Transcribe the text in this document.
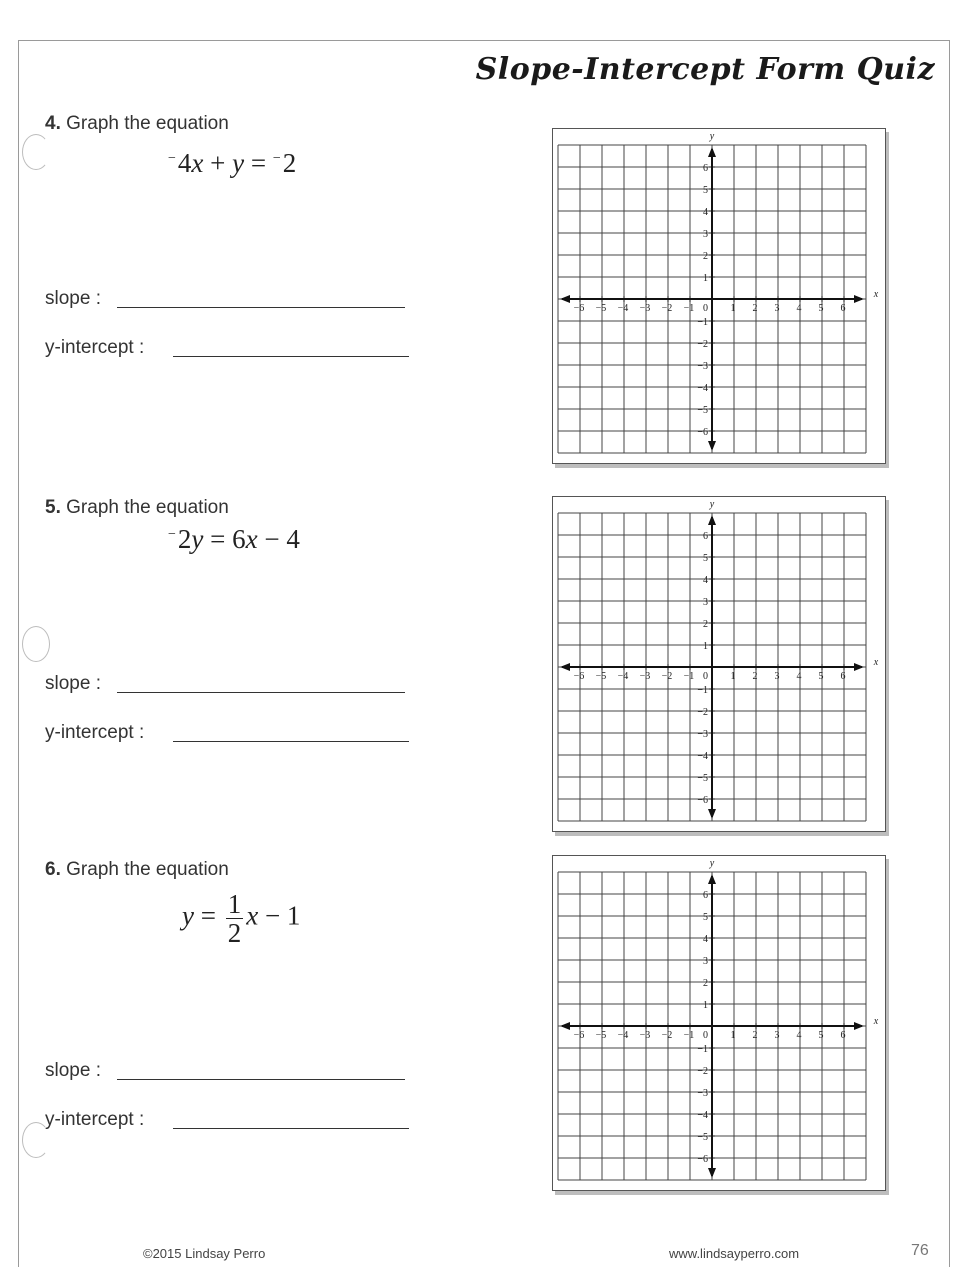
Slope-Intercept Form Quiz
4. Graph the equation
−4x + y = −2
slope :
y-intercept :
5. Graph the equation
−2y = 6x − 4
slope :
y-intercept :
6. Graph the equation
$y = \frac{1}{2}$ x − 1
slope :
y-intercept :
−6 −5 −4 −3 −2 −1	1 2 3 4 5 6
6
5
4
3
2
1
−1
−2
−3
−4
−5
−6
0
y
x
−6 −5 −4 −3 −2 −1	1 2 3 4 5 6
6
5
4
3
2
1
−1
−2
−3
−4
−5
−6
0
y
x
−6 −5 −4 −3 −2 −1	1 2 3 4 5 6
6
5
4
3
2
1
−1
−2
−3
−4
−5
−6
0
y
x
©2015 Lindsay Perro	www.lindsayperro.com	76
